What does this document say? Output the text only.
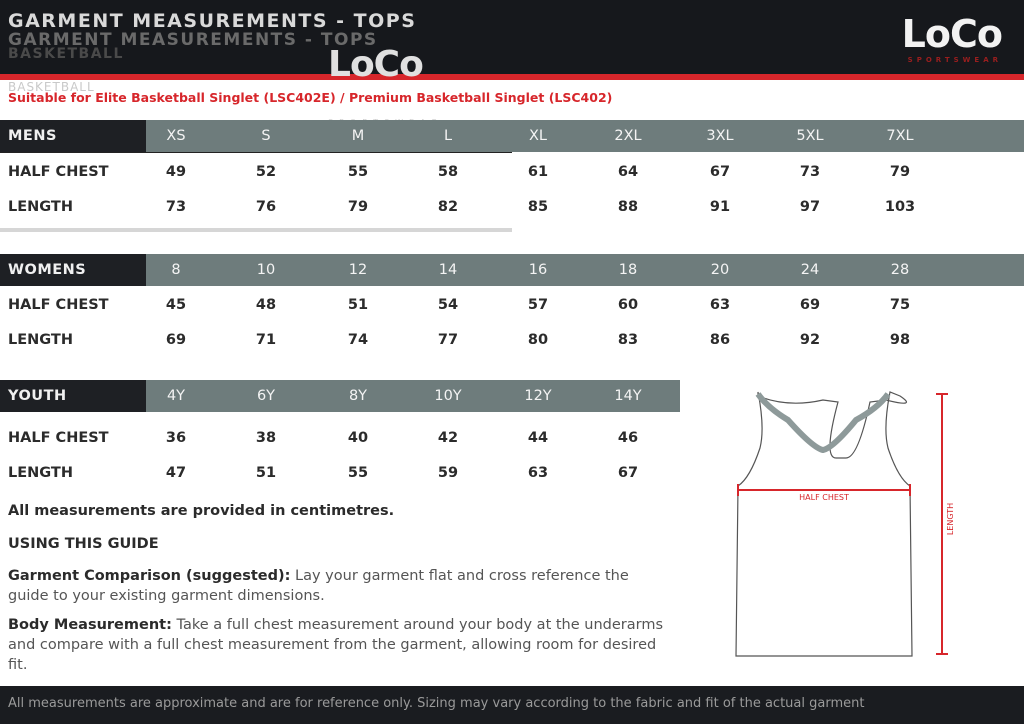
BASKETBALL
GARMENT MEASUREMENTS - TOPS
GARMENT MEASUREMENTS - TOPS	LoCo
SPORTSWEAR
LoCo
BASKETBALL
Suitable for Elite Basketball Singlet (LSC402E) / Premium Basketball Singlet (LSC402)
MENS	XS	S	M	L	XL	2XL	3XL	5XL	7XL
HALF CHEST	49	52	55	58	61	64	67	73	79
LENGTH	73	76	79	82	85	88	91	97	103
WOMENS	8	10	12	14	16	18	20	24	28
HALF CHEST	45	48	51	54	57	60	63	69	75
LENGTH	69	71	74	77	80	83	86	92	98
YOUTH	4Y	6Y	8Y	10Y	12Y	14Y
HALF CHEST	36	38	40	42	44	46
LENGTH	47	51	55	59	63	67
All measurements are provided in centimetres.
USING THIS GUIDE
Garment Comparison (suggested): Lay your garment flat and cross reference the guide to your existing garment dimensions.
Body Measurement: Take a full chest measurement around your body at the underarms and compare with a full chest measurement from the garment, allowing room for desired fit.
HALF CHEST
LENGTH
All measurements are approximate and are for reference only. Sizing may vary according to the fabric and fit of the actual garment
